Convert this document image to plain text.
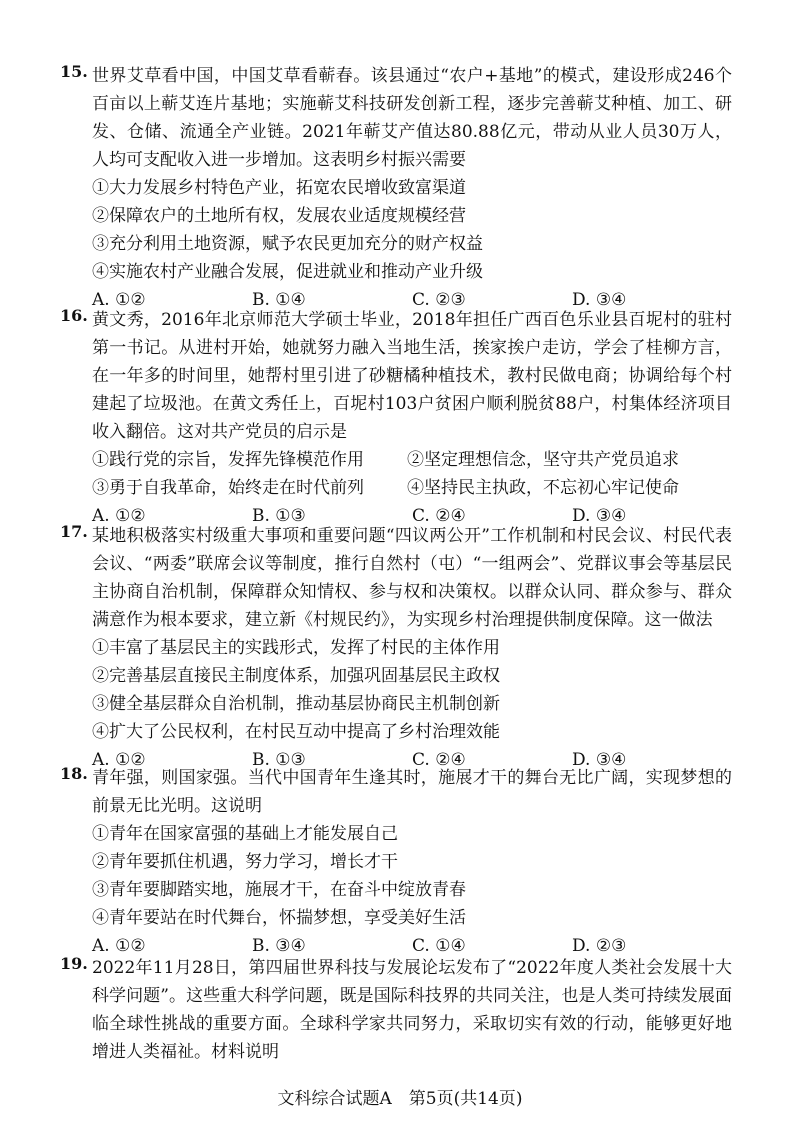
15. 世界艾草看中国，中国艾草看蕲春。该县通过“农户+基地”的模式，建设形成246个百亩以上蕲艾连片基地；实施蕲艾科技研发创新工程，逐步完善蕲艾种植、加工、研发、仓储、流通全产业链。2021年蕲艾产值达80.88亿元，带动从业人员30万人，人均可支配收入进一步增加。这表明乡村振兴需要

①大力发展乡村特色产业，拓宽农民增收致富渠道

②保障农户的土地所有权，发展农业适度规模经营

③充分利用土地资源，赋予农民更加充分的财产权益

④实施农村产业融合发展，促进就业和推动产业升级

A. ①②	B. ①④	C. ②③	D. ③④
16. 黄文秀，2016年北京师范大学硕士毕业，2018年担任广西百色乐业县百坭村的驻村第一书记。从进村开始，她就努力融入当地生活，挨家挨户走访，学会了桂柳方言，在一年多的时间里，她帮村里引进了砂糖橘种植技术，教村民做电商；协调给每个村建起了垃圾池。在黄文秀任上，百坭村103户贫困户顺利脱贫88户，村集体经济项目收入翻倍。这对共产党员的启示是

①践行党的宗旨，发挥先锋模范作用	②坚定理想信念，坚守共产党员追求
③勇于自我革命，始终走在时代前列	④坚持民主执政，不忘初心牢记使命
A. ①②	B. ①③	C. ②④	D. ③④
17. 某地积极落实村级重大事项和重要问题“四议两公开”工作机制和村民会议、村民代表会议、“两委”联席会议等制度，推行自然村（屯）“一组两会”、党群议事会等基层民主协商自治机制，保障群众知情权、参与权和决策权。以群众认同、群众参与、群众满意作为根本要求，建立新《村规民约》，为实现乡村治理提供制度保障。这一做法

①丰富了基层民主的实践形式，发挥了村民的主体作用

②完善基层直接民主制度体系，加强巩固基层民主政权

③健全基层群众自治机制，推动基层协商民主机制创新

④扩大了公民权利，在村民互动中提高了乡村治理效能

A. ①②	B. ①③	C. ②④	D. ③④
18. 青年强，则国家强。当代中国青年生逢其时，施展才干的舞台无比广阔，实现梦想的前景无比光明。这说明

①青年在国家富强的基础上才能发展自己

②青年要抓住机遇，努力学习，增长才干

③青年要脚踏实地，施展才干，在奋斗中绽放青春

④青年要站在时代舞台，怀揣梦想，享受美好生活

A. ①②	B. ③④	C. ①④	D. ②③
19. 2022年11月28日，第四届世界科技与发展论坛发布了“2022年度人类社会发展十大科学问题”。这些重大科学问题，既是国际科技界的共同关注，也是人类可持续发展面临全球性挑战的重要方面。全球科学家共同努力，采取切实有效的行动，能够更好地增进人类福祉。材料说明

文科综合试题A　第5页(共14页)
